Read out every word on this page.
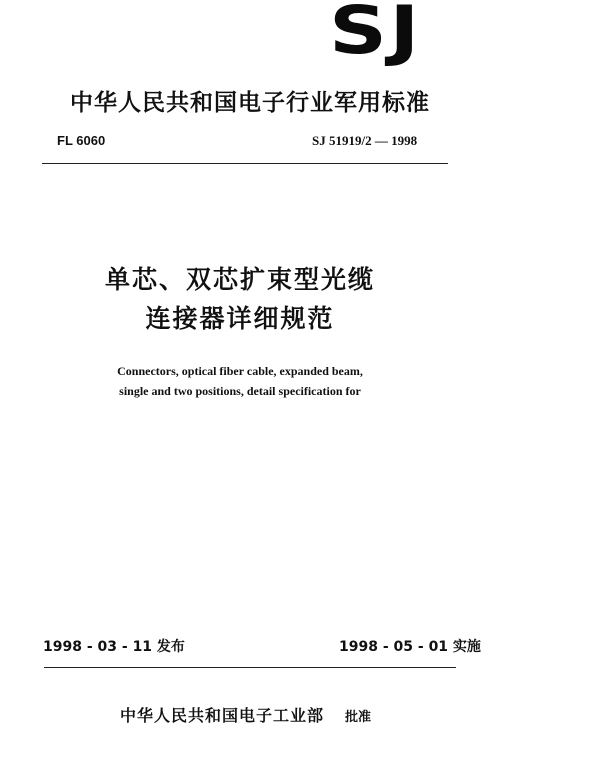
SJ
中华人民共和国电子行业军用标准
FL 6060	SJ 51919/2 — 1998
单芯、双芯扩束型光缆
连接器详细规范
Connectors, optical fiber cable, expanded beam,
single and two positions, detail specification for
1998 - 03 - 11 发布	1998 - 05 - 01 实施
中华人民共和国电子工业部 批准
